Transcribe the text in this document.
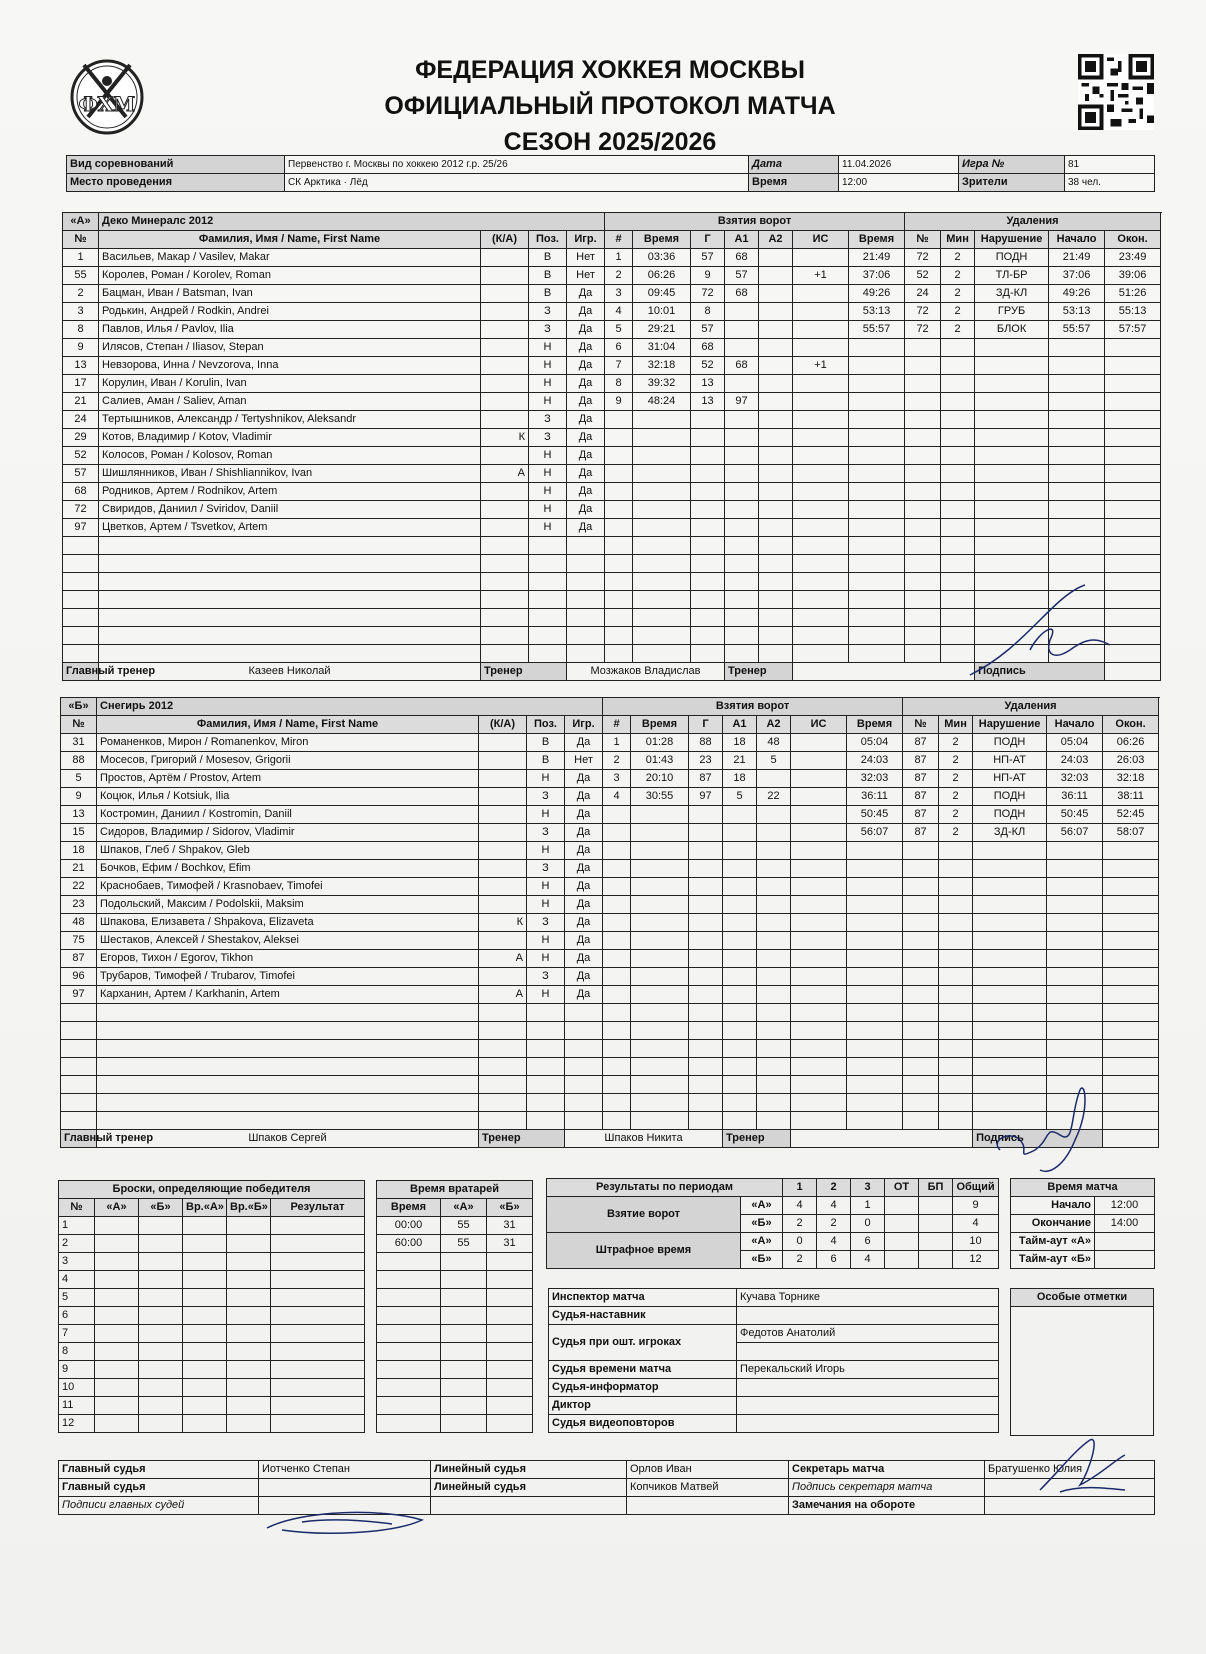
ФХМ
ФЕДЕРАЦИЯ ХОККЕЯ МОСКВЫ
ОФИЦИАЛЬНЫЙ ПРОТОКОЛ МАТЧА
СЕЗОН 2025/2026
Вид соревнований	Первенство г. Москвы по хоккею 2012 г.р. 25/26	Дата	11.04.2026	Игра №	81
Место проведения	СК Арктика · Лёд	Время	12:00	Зрители	38 чел.
«А»	Деко Минералс 2012				Взятия ворот							Удаления				
№	Фамилия, Имя / Name, First Name	(К/А)	Поз.	Игр.	#	Время	Г	А1	А2	ИС	Время	№	Мин	Нарушение	Начало	Окон.
1	Васильев, Макар / Vasilev, Makar		В	Нет	1	03:36	57	68			21:49	72	2	ПОДН	21:49	23:49
55	Королев, Роман / Korolev, Roman		В	Нет	2	06:26	9	57		+1	37:06	52	2	ТЛ-БР	37:06	39:06
2	Бацман, Иван / Batsman, Ivan		В	Да	3	09:45	72	68			49:26	24	2	ЗД-КЛ	49:26	51:26
3	Родькин, Андрей / Rodkin, Andrei		З	Да	4	10:01	8				53:13	72	2	ГРУБ	53:13	55:13
8	Павлов, Илья / Pavlov, Ilia		З	Да	5	29:21	57				55:57	72	2	БЛОК	55:57	57:57
9	Илясов, Степан / Iliasov, Stepan		Н	Да	6	31:04	68									
13	Невзорова, Инна / Nevzorova, Inna		Н	Да	7	32:18	52	68		+1						
17	Корулин, Иван / Korulin, Ivan		Н	Да	8	39:32	13									
21	Салиев, Аман / Saliev, Aman		Н	Да	9	48:24	13	97								
24	Тертышников, Александр / Tertyshnikov, Aleksandr		З	Да												
29	Котов, Владимир / Kotov, Vladimir	К	З	Да												
52	Колосов, Роман / Kolosov, Roman		Н	Да												
57	Шишлянников, Иван / Shishliannikov, Ivan	А	Н	Да												
68	Родников, Артем / Rodnikov, Artem		Н	Да												
72	Свиридов, Даниил / Sviridov, Daniil		Н	Да												
97	Цветков, Артем / Tsvetkov, Artem		Н	Да												

Главный тренер	Казеев Николай	Тренер		Мозжаков Владислав				Тренер						Подпись		
«Б»	Снегирь 2012				Взятия ворот							Удаления				
№	Фамилия, Имя / Name, First Name	(К/А)	Поз.	Игр.	#	Время	Г	А1	А2	ИС	Время	№	Мин	Нарушение	Начало	Окон.
31	Романенков, Мирон / Romanenkov, Miron		В	Да	1	01:28	88	18	48		05:04	87	2	ПОДН	05:04	06:26
88	Мосесов, Григорий / Mosesov, Grigorii		В	Нет	2	01:43	23	21	5		24:03	87	2	НП-АТ	24:03	26:03
5	Простов, Артём / Prostov, Artem		Н	Да	3	20:10	87	18			32:03	87	2	НП-АТ	32:03	32:18
9	Коцюк, Илья / Kotsiuk, Ilia		З	Да	4	30:55	97	5	22		36:11	87	2	ПОДН	36:11	38:11
13	Костромин, Даниил / Kostromin, Daniil		Н	Да							50:45	87	2	ПОДН	50:45	52:45
15	Сидоров, Владимир / Sidorov, Vladimir		З	Да							56:07	87	2	ЗД-КЛ	56:07	58:07
18	Шпаков, Глеб / Shpakov, Gleb		Н	Да												
21	Бочков, Ефим / Bochkov, Efim		З	Да												
22	Краснобаев, Тимофей / Krasnobaev, Timofei		Н	Да												
23	Подольский, Максим / Podolskii, Maksim		Н	Да												
48	Шпакова, Елизавета / Shpakova, Elizaveta	К	З	Да												
75	Шестаков, Алексей / Shestakov, Aleksei		Н	Да												
87	Егоров, Тихон / Egorov, Tikhon	А	Н	Да												
96	Трубаров, Тимофей / Trubarov, Timofei		З	Да												
97	Карханин, Артем / Karkhanin, Artem	А	Н	Да												

Главный тренер	Шпаков Сергей	Тренер		Шпаков Никита				Тренер						Подпись		
Броски, определяющие победителя					
№	«А»	«Б»	Вр.«А»	Вр.«Б»	Результат
1					
2					
3					
4					
5					
6					
7					
8					
9					
10					
11					
12					
Время вратарей		
Время	«А»	«Б»
00:00	55	31
60:00	55	31

Результаты по периодам		1	2	3	ОТ	БП	Общий
Взятие ворот	«А»	4	4	1			9
	«Б»	2	2	0			4
Штрафное время	«А»	0	4	6			10
	«Б»	2	6	4			12
Время матча	
Начало	12:00
Окончание	14:00
Тайм-аут «А»	
Тайм-аут «Б»	
Инспектор матча	Кучава Торнике
Судья-наставник	
Судья при ошт. игроках	Федотов Анатолий

Судья времени матча	Перекальский Игорь
Судья-информатор	
Диктор	
Судья видеоповторов	
Особые отметки

Главный судья	Иотченко Степан	Линейный судья	Орлов Иван	Секретарь матча	Братушенко Юлия
Главный судья		Линейный судья	Копчиков Матвей	Подпись секретаря матча	
Подписи главных судей				Замечания на обороте	
